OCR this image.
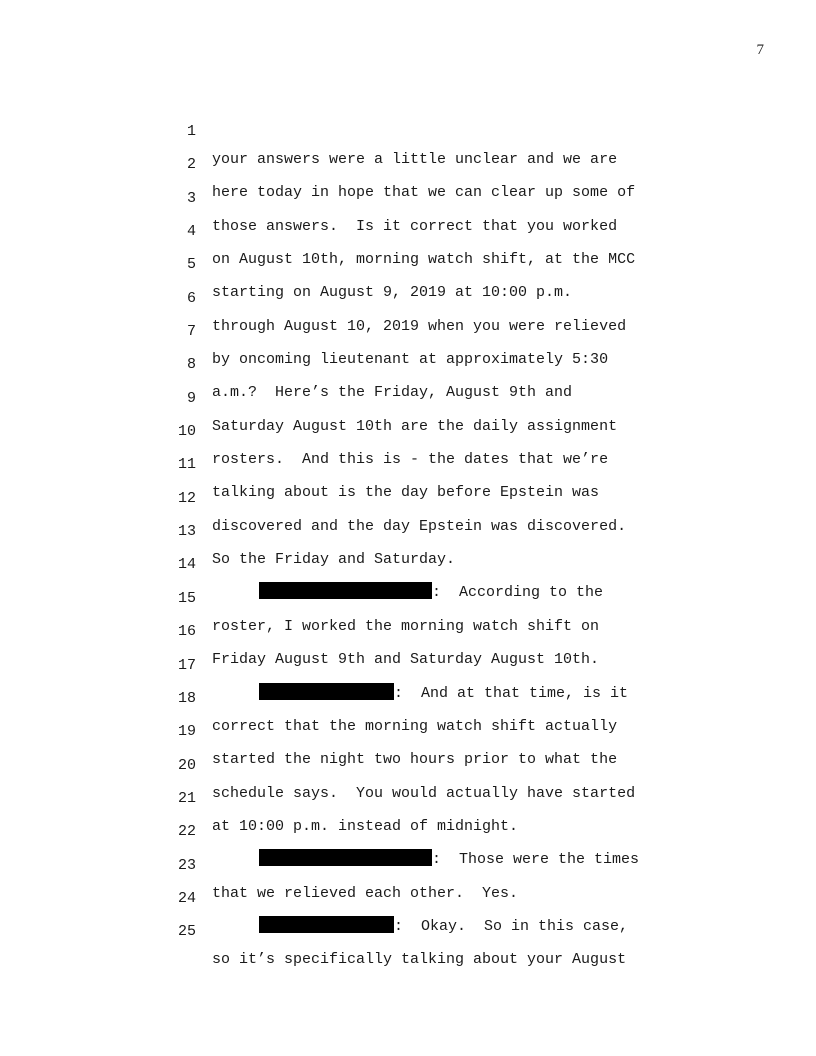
7

1

your answers were a little unclear and we are

2

here today in hope that we can clear up some of

3

those answers.  Is it correct that you worked

4

on August 10th, morning watch shift, at the MCC

5

starting on August 9, 2019 at 10:00 p.m.

6

through August 10, 2019 when you were relieved

7

by oncoming lieutenant at approximately 5:30

8

a.m.?  Here’s the Friday, August 9th and

9

Saturday August 10th are the daily assignment

10

rosters.  And this is - the dates that we’re

11

talking about is the day before Epstein was

12

discovered and the day Epstein was discovered.

13

So the Friday and Saturday.

14

:  According to the

15

roster, I worked the morning watch shift on

16

Friday August 9th and Saturday August 10th.

17

:  And at that time, is it

18

correct that the morning watch shift actually

19

started the night two hours prior to what the

20

schedule says.  You would actually have started

21

at 10:00 p.m. instead of midnight.

22

:  Those were the times

23

that we relieved each other.  Yes.

24

:  Okay.  So in this case,

25

so it’s specifically talking about your August
